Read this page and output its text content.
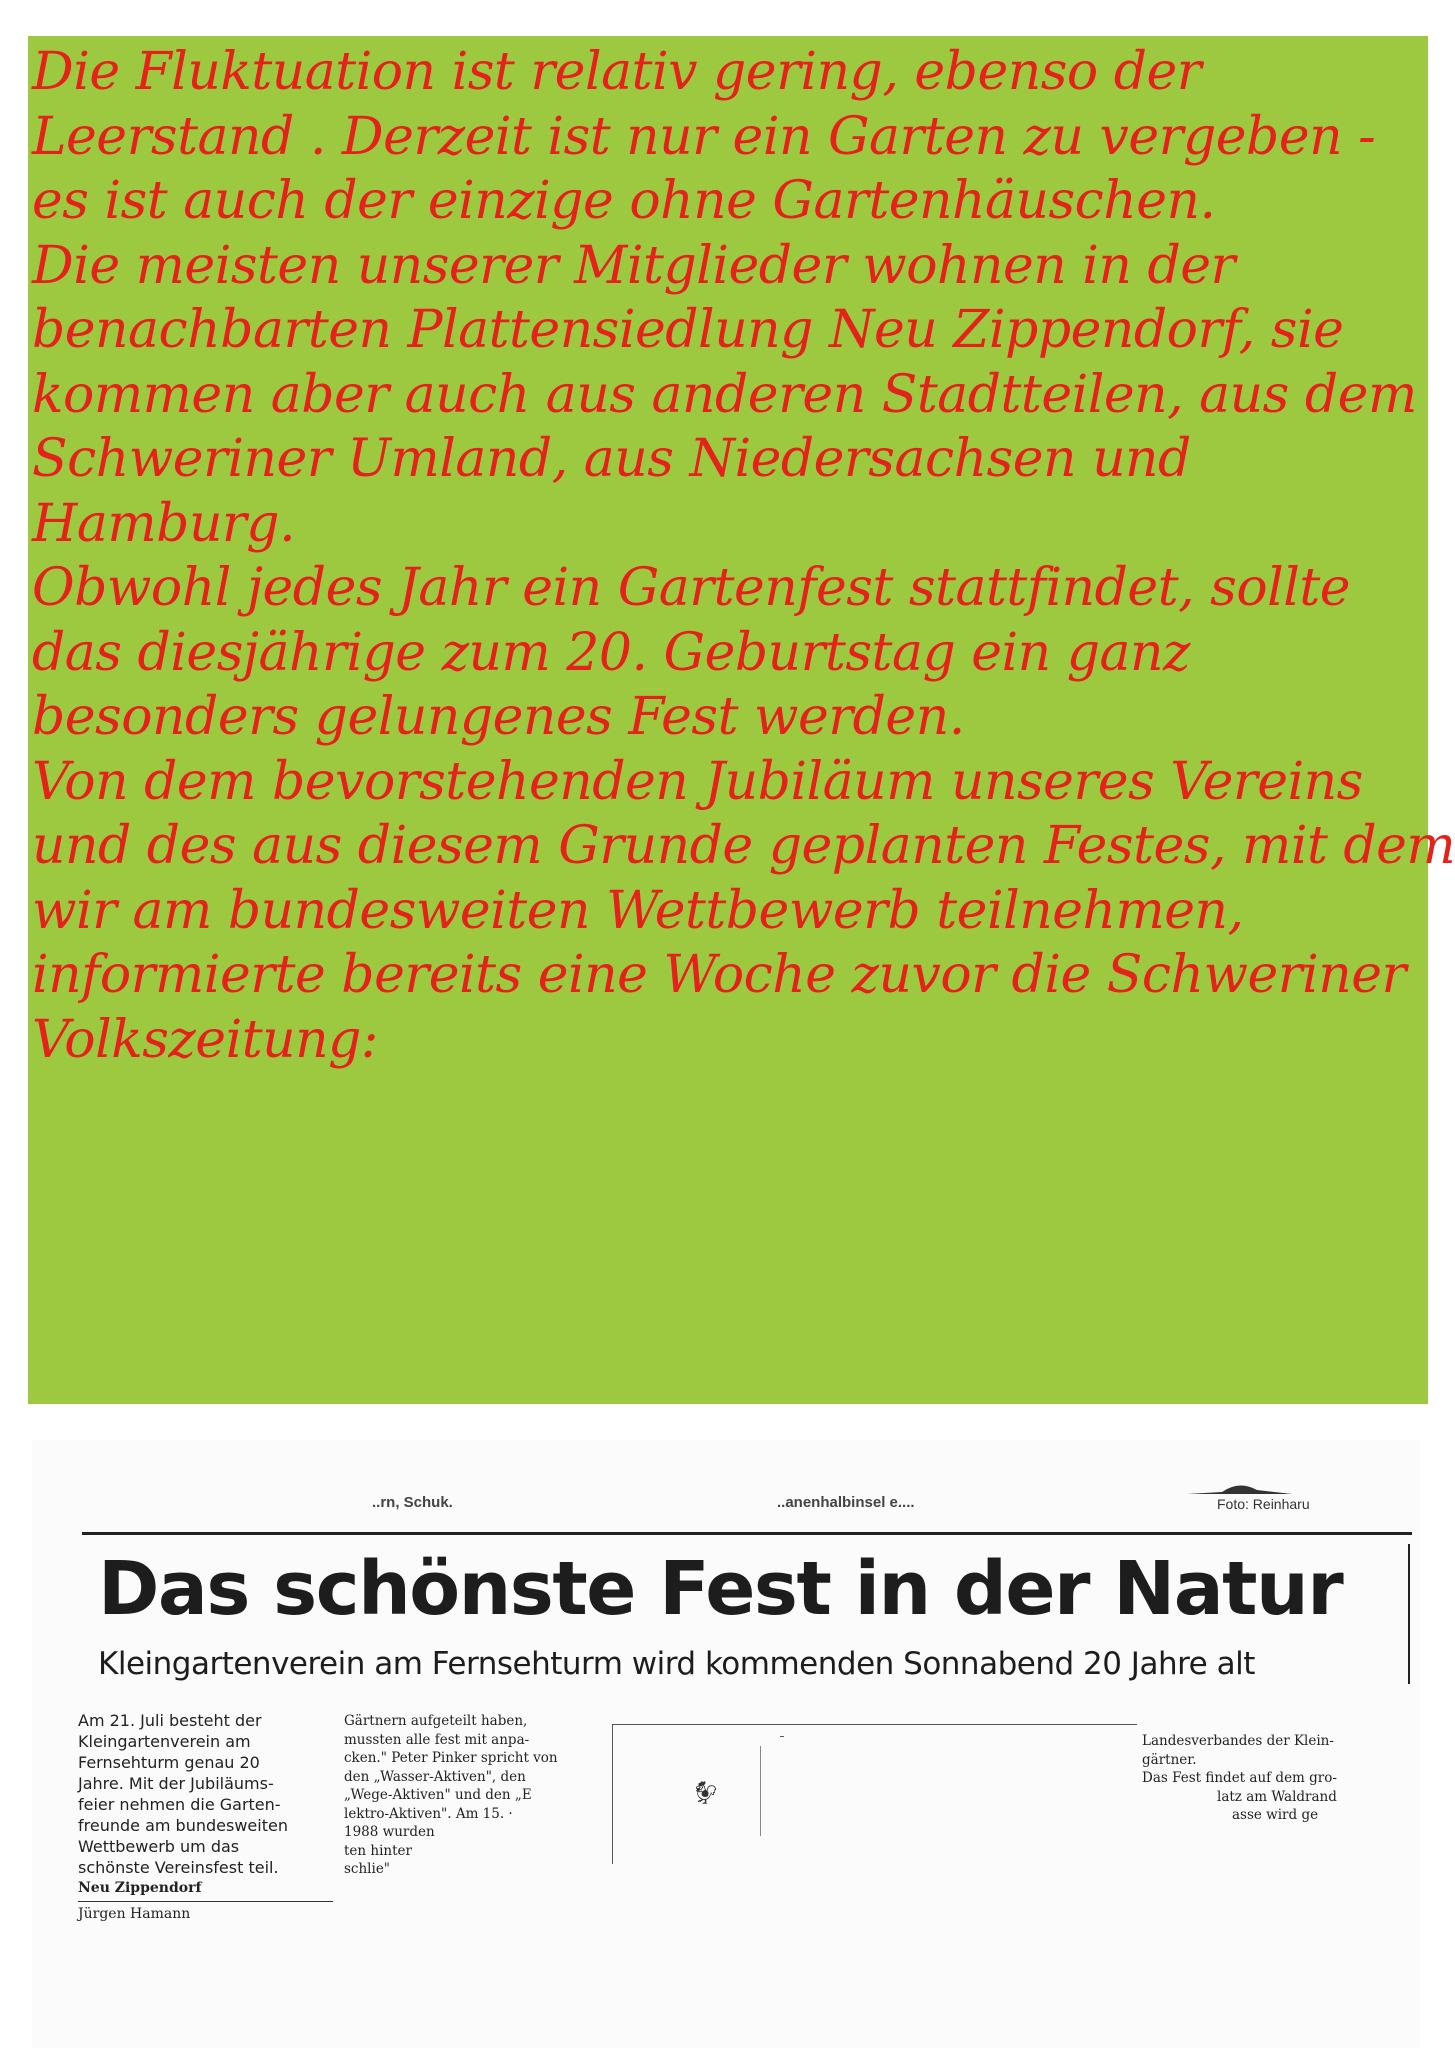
Die Fluktuation ist relativ gering, ebenso der

Leerstand . Derzeit ist nur ein Garten zu vergeben -

es ist auch der einzige ohne Gartenhäuschen.

Die meisten unserer Mitglieder wohnen in der

benachbarten Plattensiedlung Neu Zippendorf, sie

kommen aber auch aus anderen Stadtteilen, aus dem

Schweriner Umland, aus Niedersachsen und

Hamburg.

Obwohl jedes Jahr ein Gartenfest stattfindet, sollte

das diesjährige zum 20. Geburtstag ein ganz

besonders gelungenes Fest werden.

Von dem bevorstehenden Jubiläum unseres Vereins

und des aus diesem Grunde geplanten Festes, mit dem

wir am bundesweiten Wettbewerb teilnehmen,

informierte bereits eine Woche zuvor die Schweriner

Volkszeitung:

..rn, Schuk.	..anenhalbinsel e....	Foto: Reinharu
Das schönste Fest in der Natur
Kleingartenverein am Fernsehturm wird kommenden Sonnabend 20 Jahre alt

Am 21. Juli besteht der

Kleingartenverein am

Fernsehturm genau 20

Jahre. Mit der Jubiläums-

feier nehmen die Garten-

freunde am bundesweiten

Wettbewerb um das

schönste Vereinsfest teil.

Neu Zippendorf

Jürgen Hamann

Gärtnern aufgeteilt haben,

mussten alle fest mit anpa-

cken." Peter Pinker spricht von

den „Wasser-Aktiven", den

„Wege-Aktiven" und den „E

lektro-Aktiven". Am 15. ·

1988 wurden

ten hinter

schlie"

🐓︎

Landesverbandes der Klein-

gärtner.

Das Fest findet auf dem gro-

latz am Waldrand

asse wird ge
